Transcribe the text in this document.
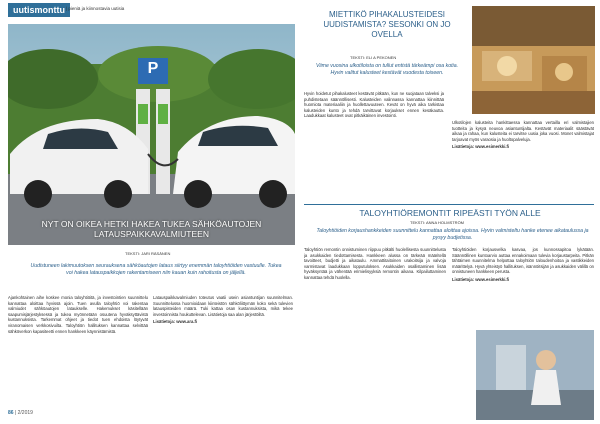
uutismonttu | pieniä ja kiinnostavia uutisia
P
NYT ON OIKEA HETKI HAKEA TUKEA SÄHKÖAUTOJEN
LATAUSPAIKKAVALMIUTEEN
TEKSTI: JARI RÄSÄNEN
Uudistuneen lakimuutoksen seurauksena sähköautojen lataus siirtyy enemmän taloyhtiöiden vastuulle. Tukea voi hakea latauspaikkojen rakentamiseen niin kauan kuin rahoitusta on jäljellä.

Ajankohtainen aihe koskee monia taloyhtiöitä, ja investointien suunnittelu kannattaa aloittaa hyvissä ajoin. Tuen avulla taloyhtiö voi rakentaa valmiudet sähköautojen lataukselle. Hakemukset käsitellään saapumisjärjestyksessä ja tukea myönnetään osuutena hyväksyttävistä kustannuksista. Tarkemmat ohjeet ja tiedot tuen ehdoista löytyvät viranomaisen verkkosivuilta. Taloyhtiön hallituksen kannattaa selvittää sähköverkon kapasiteetti ennen hankkeen käynnistämistä.

Latauspaikkavalmiuden toteutus vaatii usein asiantuntijan suunnitelman. Suunnittelussa huomioidaan kiinteistön sähköliittymän koko sekä tulevien latauspisteiden määrä. Tuki kattaa osan kustannuksista, mikä tekee investoinnista houkuttelevan. Lisätietoja saa alan järjestöiltä.

Lisätietoja: www.ara.fi

86 | 2/2019
MIETTIKÖ PIHAKALUSTEIDESI UUDISTAMISTA? SESONKI ON JO OVELLA
TEKSTI: ELI A PEKONEN
Viime vuosina ulkotiloista on tullut entistä tärkeämpi osa kotia. Hyvin valitut kalusteet kestävät vuodesta toiseen.

Hyvin hoidetut pihakalusteet kestävät pitkään, kun ne suojataan talveksi ja puhdistetaan säännöllisesti. Kalusteiden valinnassa kannattaa kiinnittää huomiota materiaaliin ja huollettavuuteen. Kevät on hyvä aika tarkistaa kalusteiden kunto ja tehdä tarvittavat korjaukset ennen kesäkautta. Laadukkaat kalusteet ovat pitkäikäinen investointi.

Ulkotilojen kalusteita hankittaessa kannattaa vertailla eri valmistajien tuotteita ja kysyä neuvoa asiantuntijalta. Kestävät materiaalit säästävät aikaa ja rahaa, kun kalusteita ei tarvitse uusia joka vuosi. Monet valmistajat tarjoavat myös varaosia ja huoltopalveluja.

Lisätietoja: www.esimerkki.fi

TALOYHTIÖREMONTIT RIPEÄSTI TYÖN ALLE
TEKSTI: ANNA HOLMSTRÖM
Taloyhtiöiden korjaushankkeiden suunnittelu kannattaa aloittaa ajoissa. Hyvin valmisteltu hanke etenee aikataulussa ja pysyy budjetissa.

Taloyhtiön remontin onnistuminen riippuu pitkälti huolellisesta suunnittelusta ja asukkaiden tiedottamisesta. Hankkeen alussa on tärkeää määritellä tavoitteet, budjetti ja aikataulu. Ammattitaitoinen urakoitsija ja valvoja varmistavat laadukkaan lopputuloksen. Asukkaiden osallistaminen lisää hyväksyntää ja vähentää erimielisyyksiä remontin aikana. Kilpailuttaminen kannattaa tehdä huolella.

Taloyhtiöiden korjausvelka kasvaa, jos kunnossapitoa lykätään. Säännöllinen kuntoarvio auttaa ennakoimaan tulevia korjaustarpeita. Pitkän tähtäimen suunnitelma helpottaa taloyhtiön taloudenhoitoa ja vastikkeiden määrittelyä. Hyvä yhteistyö hallituksen, isännöitsijän ja asukkaiden välillä on onnistuneen hankkeen perusta.

Lisätietoja: www.esimerkki.fi
